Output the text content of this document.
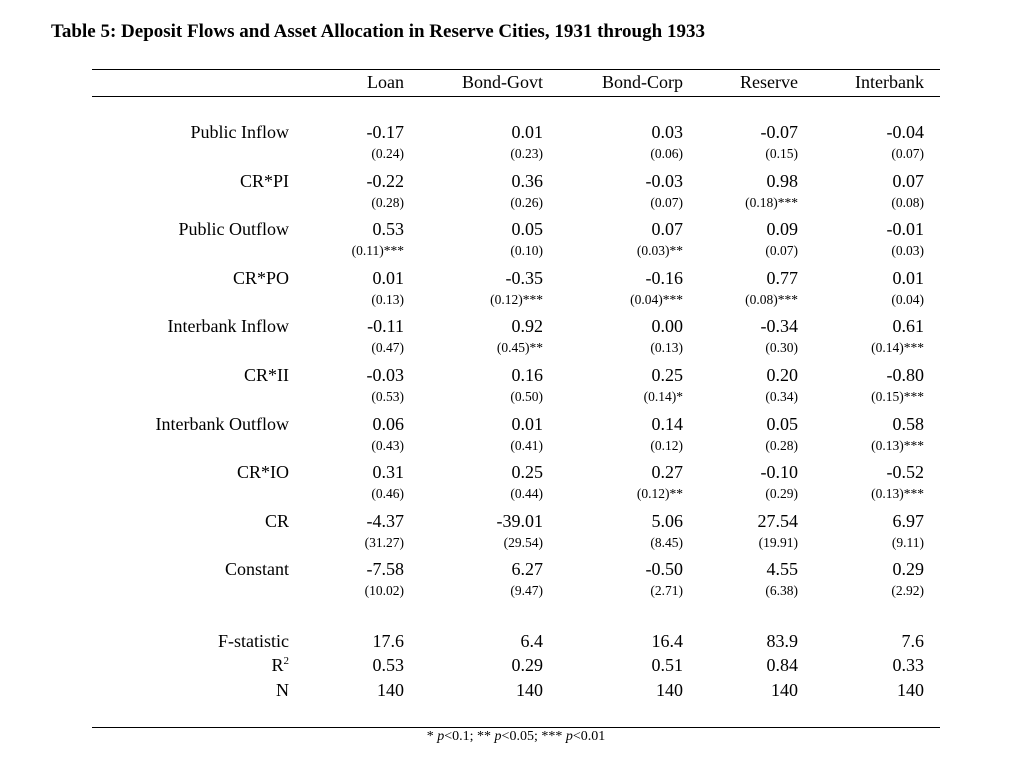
Table 5: Deposit Flows and Asset Allocation in Reserve Cities, 1931 through 1933
Loan	Bond-Govt	Bond-Corp	Reserve	Interbank
Public Inflow	-0.17	0.01	0.03	-0.07	-0.04
(0.24)	(0.23)	(0.06)	(0.15)	(0.07)
CR*PI	-0.22	0.36	-0.03	0.98	0.07
(0.28)	(0.26)	(0.07)	(0.18)***	(0.08)
Public Outflow	0.53	0.05	0.07	0.09	-0.01
(0.11)***	(0.10)	(0.03)**	(0.07)	(0.03)
CR*PO	0.01	-0.35	-0.16	0.77	0.01
(0.13)	(0.12)***	(0.04)***	(0.08)***	(0.04)
Interbank Inflow	-0.11	0.92	0.00	-0.34	0.61
(0.47)	(0.45)**	(0.13)	(0.30)	(0.14)***
CR*II	-0.03	0.16	0.25	0.20	-0.80
(0.53)	(0.50)	(0.14)*	(0.34)	(0.15)***
Interbank Outflow	0.06	0.01	0.14	0.05	0.58
(0.43)	(0.41)	(0.12)	(0.28)	(0.13)***
CR*IO	0.31	0.25	0.27	-0.10	-0.52
(0.46)	(0.44)	(0.12)**	(0.29)	(0.13)***
CR	-4.37	-39.01	5.06	27.54	6.97
(31.27)	(29.54)	(8.45)	(19.91)	(9.11)
Constant	-7.58	6.27	-0.50	4.55	0.29
(10.02)	(9.47)	(2.71)	(6.38)	(2.92)
F-statistic	17.6	6.4	16.4	83.9	7.6
$R^2$	0.53	0.29	0.51	0.84	0.33
N	140	140	140	140	140
* p<0.1; ** p<0.05; *** p<0.01
